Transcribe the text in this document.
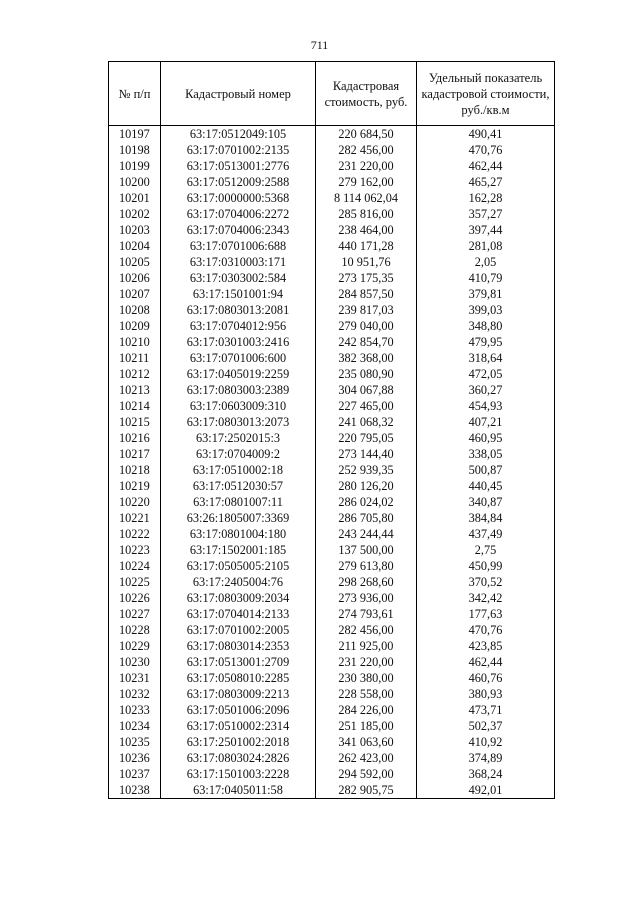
711
№ п/п	Кадастровый номер	Кадастровая стоимость, руб.	Удельный показатель кадастровой стоимости, руб./кв.м
10197	63:17:0512049:105	220 684,50	490,41
10198	63:17:0701002:2135	282 456,00	470,76
10199	63:17:0513001:2776	231 220,00	462,44
10200	63:17:0512009:2588	279 162,00	465,27
10201	63:17:0000000:5368	8 114 062,04	162,28
10202	63:17:0704006:2272	285 816,00	357,27
10203	63:17:0704006:2343	238 464,00	397,44
10204	63:17:0701006:688	440 171,28	281,08
10205	63:17:0310003:171	10 951,76	2,05
10206	63:17:0303002:584	273 175,35	410,79
10207	63:17:1501001:94	284 857,50	379,81
10208	63:17:0803013:2081	239 817,03	399,03
10209	63:17:0704012:956	279 040,00	348,80
10210	63:17:0301003:2416	242 854,70	479,95
10211	63:17:0701006:600	382 368,00	318,64
10212	63:17:0405019:2259	235 080,90	472,05
10213	63:17:0803003:2389	304 067,88	360,27
10214	63:17:0603009:310	227 465,00	454,93
10215	63:17:0803013:2073	241 068,32	407,21
10216	63:17:2502015:3	220 795,05	460,95
10217	63:17:0704009:2	273 144,40	338,05
10218	63:17:0510002:18	252 939,35	500,87
10219	63:17:0512030:57	280 126,20	440,45
10220	63:17:0801007:11	286 024,02	340,87
10221	63:26:1805007:3369	286 705,80	384,84
10222	63:17:0801004:180	243 244,44	437,49
10223	63:17:1502001:185	137 500,00	2,75
10224	63:17:0505005:2105	279 613,80	450,99
10225	63:17:2405004:76	298 268,60	370,52
10226	63:17:0803009:2034	273 936,00	342,42
10227	63:17:0704014:2133	274 793,61	177,63
10228	63:17:0701002:2005	282 456,00	470,76
10229	63:17:0803014:2353	211 925,00	423,85
10230	63:17:0513001:2709	231 220,00	462,44
10231	63:17:0508010:2285	230 380,00	460,76
10232	63:17:0803009:2213	228 558,00	380,93
10233	63:17:0501006:2096	284 226,00	473,71
10234	63:17:0510002:2314	251 185,00	502,37
10235	63:17:2501002:2018	341 063,60	410,92
10236	63:17:0803024:2826	262 423,00	374,89
10237	63:17:1501003:2228	294 592,00	368,24
10238	63:17:0405011:58	282 905,75	492,01
